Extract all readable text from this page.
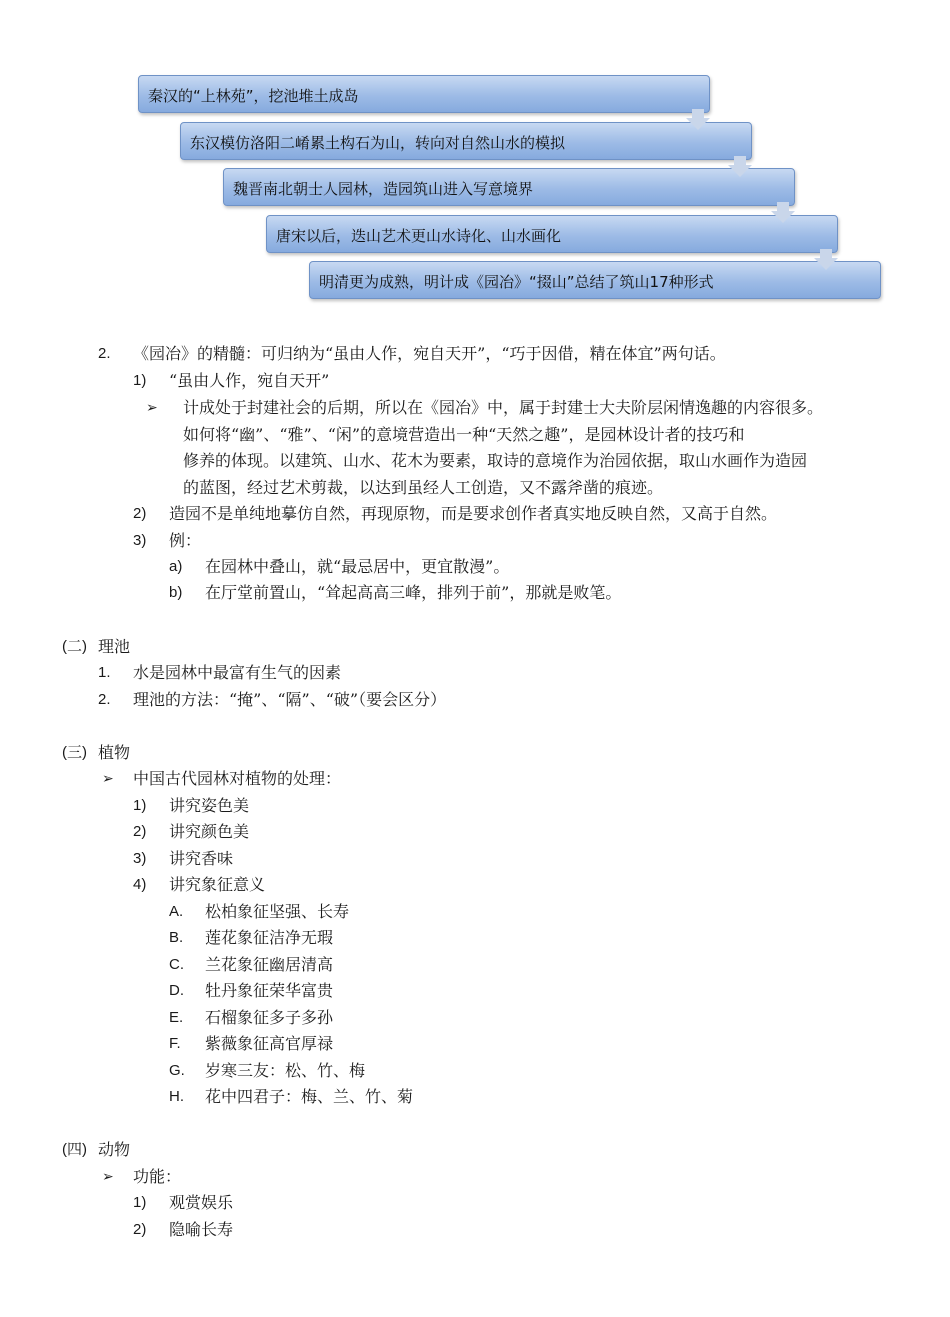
秦汉的“上林苑”，挖池堆土成岛
东汉模仿洛阳二崤累土构石为山，转向对自然山水的模拟
魏晋南北朝士人园林，造园筑山进入写意境界
唐宋以后，迭山艺术更山水诗化、山水画化
明清更为成熟，明计成《园冶》“掇山”总结了筑山17种形式
2. 《园冶》的精髓：可归纳为“虽由人作，宛自天开”，“巧于因借，精在体宜”两句话。
1) “虽由人作，宛自天开”
➢ 计成处于封建社会的后期，所以在《园冶》中，属于封建士大夫阶层闲情逸趣的内容很多。
如何将“幽”、“雅”、“闲”的意境营造出一种“天然之趣”，是园林设计者的技巧和
修养的体现。以建筑、山水、花木为要素，取诗的意境作为治园依据，取山水画作为造园
的蓝图，经过艺术剪裁，以达到虽经人工创造，又不露斧凿的痕迹。
2) 造园不是单纯地摹仿自然，再现原物，而是要求创作者真实地反映自然，又高于自然。
3) 例：
a) 在园林中叠山，就“最忌居中，更宜散漫”。
b) 在厅堂前置山，“耸起高高三峰，排列于前”，那就是败笔。
(二) 理池
1. 水是园林中最富有生气的因素
2. 理池的方法：“掩”、“隔”、“破”（要会区分）
(三) 植物
➢ 中国古代园林对植物的处理：
1) 讲究姿色美
2) 讲究颜色美
3) 讲究香味
4) 讲究象征意义
A. 松柏象征坚强、长寿
B. 莲花象征洁净无瑕
C. 兰花象征幽居清高
D. 牡丹象征荣华富贵
E. 石榴象征多子多孙
F. 紫薇象征高官厚禄
G. 岁寒三友：松、竹、梅
H. 花中四君子：梅、兰、竹、菊
(四) 动物
➢ 功能：
1) 观赏娱乐
2) 隐喻长寿
